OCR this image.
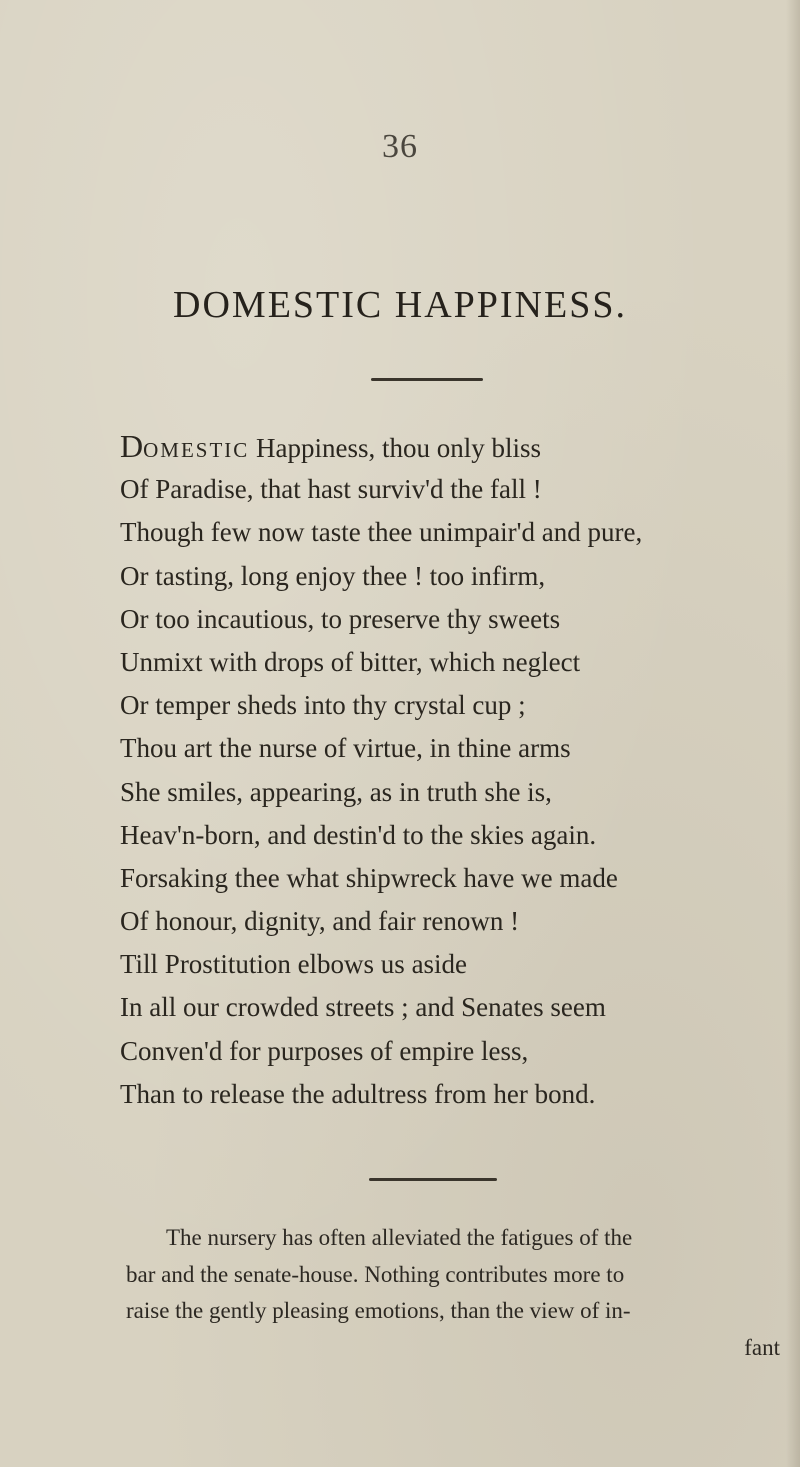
36
DOMESTIC HAPPINESS.
DOMESTIC Happiness, thou only bliss
Of Paradise, that hast surviv'd the fall !
Though few now taste thee unimpair'd and pure,
Or tasting, long enjoy thee ! too infirm,
Or too incautious, to preserve thy sweets
Unmixt with drops of bitter, which neglect
Or temper sheds into thy crystal cup ;
Thou art the nurse of virtue, in thine arms
She smiles, appearing, as in truth she is,
Heav'n-born, and destin'd to the skies again.
Forsaking thee what shipwreck have we made
Of honour, dignity, and fair renown !
Till Prostitution elbows us aside
In all our crowded streets ; and Senates seem
Conven'd for purposes of empire less,
Than to release the adultress from her bond.
The nursery has often alleviated the fatigues of the
bar and the senate-house. Nothing contributes more to
raise the gently pleasing emotions, than the view of in-
fant
